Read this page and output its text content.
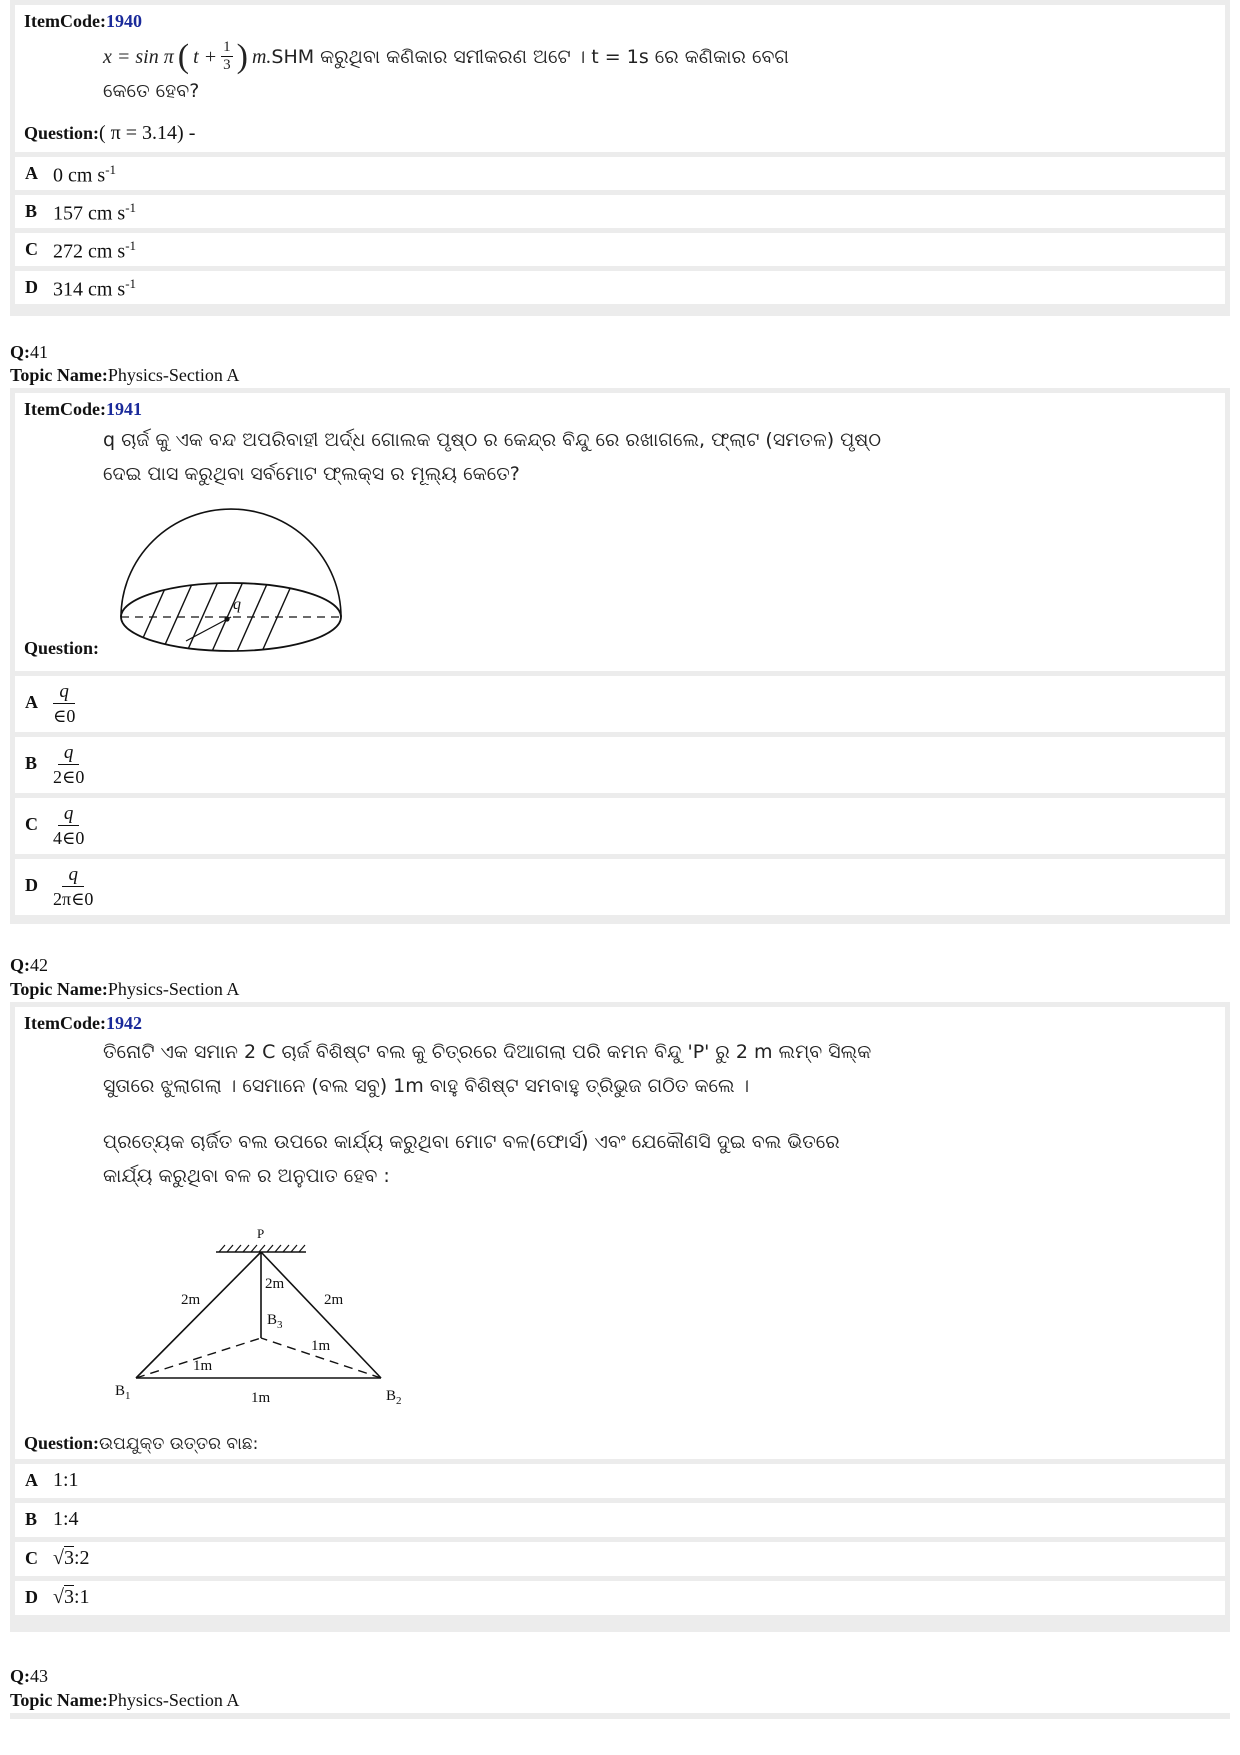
ItemCode:1940
x = sin π ( $t + \frac{1}{3}$ ) m. SHM କରୁଥିବା କଣିକାର ସମୀକରଣ ଅଟେ । t = 1s ରେ କଣିକାର ବେଗ
କେତେ ହେବ?
Question:( π = 3.14) -
A 0 cm $s^{-1}$
B 157 cm $s^{-1}$
C 272 cm $s^{-1}$
D 314 cm $s^{-1}$
Q:41
Topic Name:Physics-Section A
ItemCode:1941
q ଚାର୍ଜ କୁ ଏକ ବନ୍ଦ ଅପରିବାହୀ ଅର୍ଦ୍ଧ ଗୋଲକ ପୃଷ୍ଠ ର କେନ୍ଦ୍ର ବିନ୍ଦୁ ରେ ରଖାଗଲେ, ଫ୍ଲାଟ (ସମତଳ) ପୃଷ୍ଠ
ଦେଇ ପାସ କରୁଥିବା ସର୍ବମୋଟ ଫ୍ଲକ୍ସ ର ମୂଲ୍ୟ କେତେ?
q
Question:
A $\frac{q}{\in 0}$
B $\frac{q}{2\in 0}$
C $\frac{q}{4\in 0}$
D $\frac{q}{2\pi\in 0}$
Q:42
Topic Name:Physics-Section A
ItemCode:1942
ତିନୋଟି ଏକ ସମାନ 2 C ଚାର୍ଜ ବିଶିଷ୍ଟ ବଲ କୁ ଚିତ୍ରରେ ଦିଆଗଲା ପରି କମନ ବିନ୍ଦୁ 'P' ରୁ 2 m ଲମ୍ବ ସିଲ୍କ
ସୁତାରେ ଝୁଲାଗଲା । ସେମାନେ (ବଲ ସବୁ) 1m ବାହୁ ବିଶିଷ୍ଟ ସମବାହୁ ତ୍ରିଭୁଜ ଗଠିତ କଲେ ।
ପ୍ରତ୍ୟେକ ଚାର୍ଜିତ ବଲ ଉପରେ କାର୍ଯ୍ୟ କରୁଥିବା ମୋଟ ବଳ(ଫୋର୍ସ) ଏବଂ ଯେକୌଣସି ଦୁଇ ବଲ ଭିତରେ
କାର୍ଯ୍ୟ କରୁଥିବା ବଳ ର ଅନୁପାତ ହେବ :
P
2m
2m
2m
$B_3$
1m
1m
$B_1$	$B_2$
1m
Question:ଉପଯୁକ୍ତ ଉତ୍ତର ବାଛ:
A 1:1
B 1:4
C √3:2
D √3:1
Q:43
Topic Name:Physics-Section A
